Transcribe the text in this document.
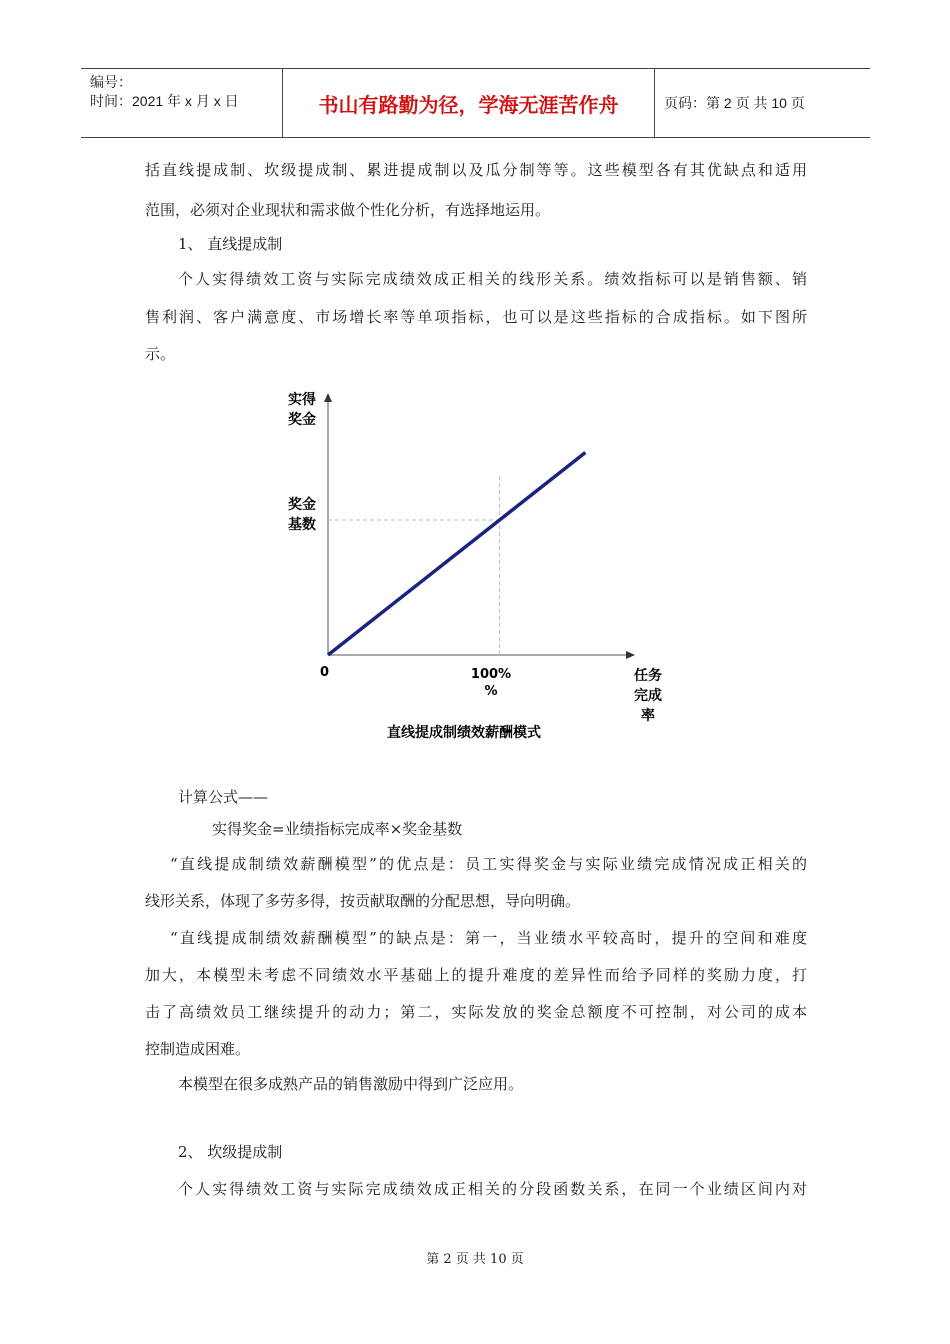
编号：
时间：2021 年 x 月 x 日	书山有路勤为径，学海无涯苦作舟	页码：第 2 页 共 10 页
括直线提成制、坎级提成制、累进提成制以及瓜分制等等。这些模型各有其优缺点和适用
范围，必须对企业现状和需求做个性化分析，有选择地运用。
1、 直线提成制
个人实得绩效工资与实际完成绩效成正相关的线形关系。绩效指标可以是销售额、销
售利润、客户满意度、市场增长率等单项指标，也可以是这些指标的合成指标。如下图所
示。
实得
奖金
奖金
基数
0	100%
%
任务
完成
率
直线提成制绩效薪酬模式
计算公式——
实得奖金=业绩指标完成率×奖金基数
“直线提成制绩效薪酬模型”的优点是：员工实得奖金与实际业绩完成情况成正相关的
线形关系，体现了多劳多得，按贡献取酬的分配思想，导向明确。
“直线提成制绩效薪酬模型”的缺点是：第一，当业绩水平较高时，提升的空间和难度
加大，本模型未考虑不同绩效水平基础上的提升难度的差异性而给予同样的奖励力度，打
击了高绩效员工继续提升的动力；第二，实际发放的奖金总额度不可控制，对公司的成本
控制造成困难。
本模型在很多成熟产品的销售激励中得到广泛应用。
2、 坎级提成制
个人实得绩效工资与实际完成绩效成正相关的分段函数关系，在同一个业绩区间内对
第 2 页 共 10 页
